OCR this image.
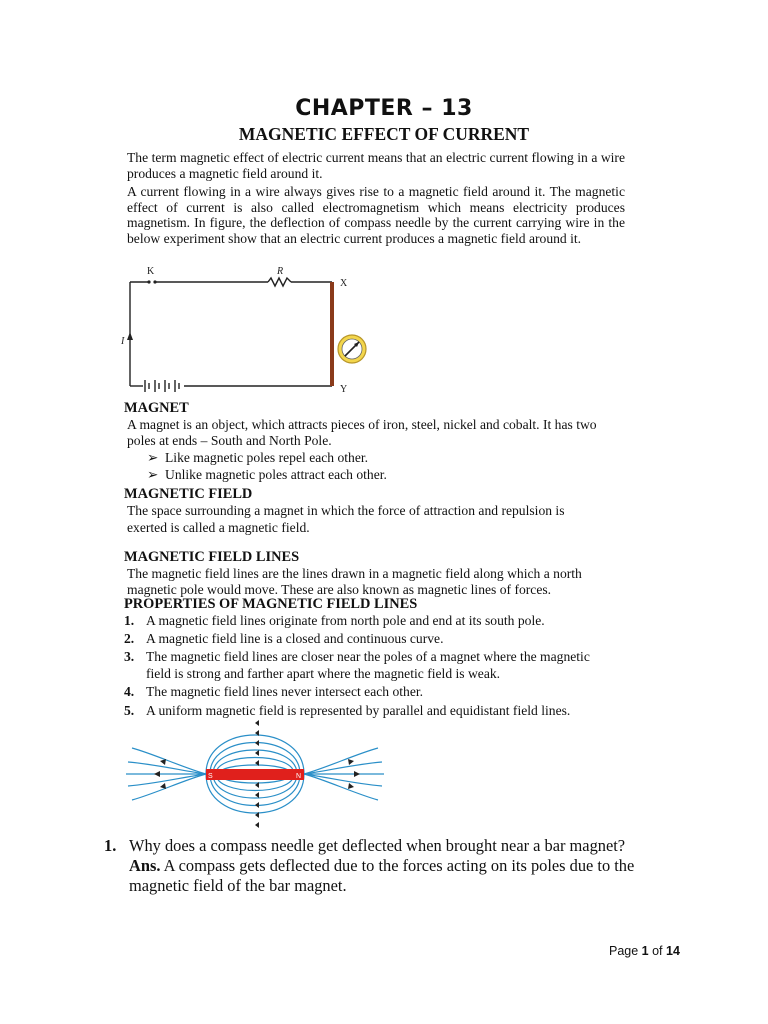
CHAPTER – 13
MAGNETIC EFFECT OF CURRENT
The term magnetic effect of electric current means that an electric current flowing in a wire produces a magnetic field around it.
A current flowing in a wire always gives rise to a magnetic field around it. The magnetic effect of current is also called electromagnetism which means electricity produces magnetism. In figure, the deflection of compass needle by the current carrying wire in the below experiment show that an electric current produces a magnetic field around it.
K	R
X
Y
I
MAGNET
A magnet is an object, which attracts pieces of iron, steel, nickel and cobalt. It has two
poles at ends – South and North Pole.
➢ Like magnetic poles repel each other.
➢ Unlike magnetic poles attract each other.
MAGNETIC FIELD
The space surrounding a magnet in which the force of attraction and repulsion is
exerted is called a magnetic field.
MAGNETIC FIELD LINES
The magnetic field lines are the lines drawn in a magnetic field along which a north
magnetic pole would move. These are also known as magnetic lines of forces.
PROPERTIES OF MAGNETIC FIELD LINES
1. A magnetic field lines originate from north pole and end at its south pole.
2. A magnetic field line is a closed and continuous curve.
3. The magnetic field lines are closer near the poles of a magnet where the magnetic
field is strong and farther apart where the magnetic field is weak.
4. The magnetic field lines never intersect each other.
5. A uniform magnetic field is represented by parallel and equidistant field lines.
S	N
1. Why does a compass needle get deflected when brought near a bar magnet?
Ans. A compass gets deflected due to the forces acting on its poles due to the
magnetic field of the bar magnet.
Page 1 of 14
